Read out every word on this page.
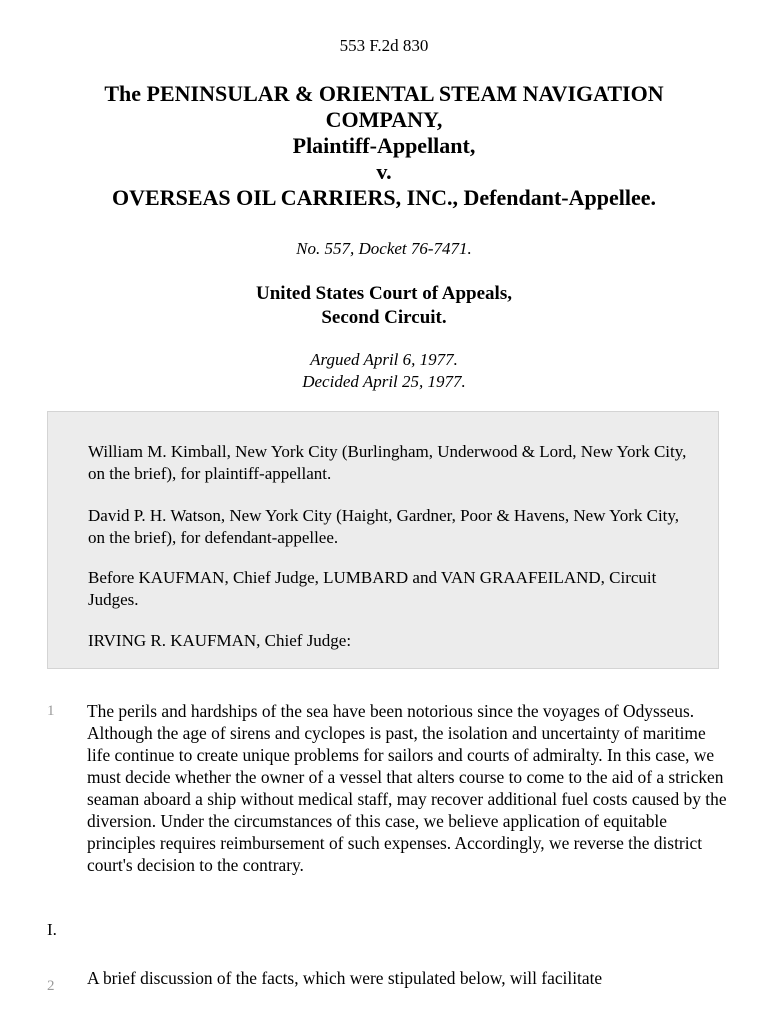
553 F.2d 830
The PENINSULAR & ORIENTAL STEAM NAVIGATION
COMPANY,
Plaintiff-Appellant,
v.
OVERSEAS OIL CARRIERS, INC., Defendant-Appellee.
No. 557, Docket 76-7471.
United States Court of Appeals,
Second Circuit.
Argued April 6, 1977.
Decided April 25, 1977.

William M. Kimball, New York City (Burlingham, Underwood & Lord, New York City, on the brief), for plaintiff-appellant.

David P. H. Watson, New York City (Haight, Gardner, Poor & Havens, New York City, on the brief), for defendant-appellee.

Before KAUFMAN, Chief Judge, LUMBARD and VAN GRAAFEILAND, Circuit Judges.

IRVING R. KAUFMAN, Chief Judge:

1 The perils and hardships of the sea have been notorious since the voyages of Odysseus. Although the age of sirens and cyclopes is past, the isolation and uncertainty of maritime life continue to create unique problems for sailors and courts of admiralty. In this case, we must decide whether the owner of a vessel that alters course to come to the aid of a stricken seaman aboard a ship without medical staff, may recover additional fuel costs caused by the diversion. Under the circumstances of this case, we believe application of equitable principles requires reimbursement of such expenses. Accordingly, we reverse the district court's decision to the contrary.

I.
2 A brief discussion of the facts, which were stipulated below, will facilitate
